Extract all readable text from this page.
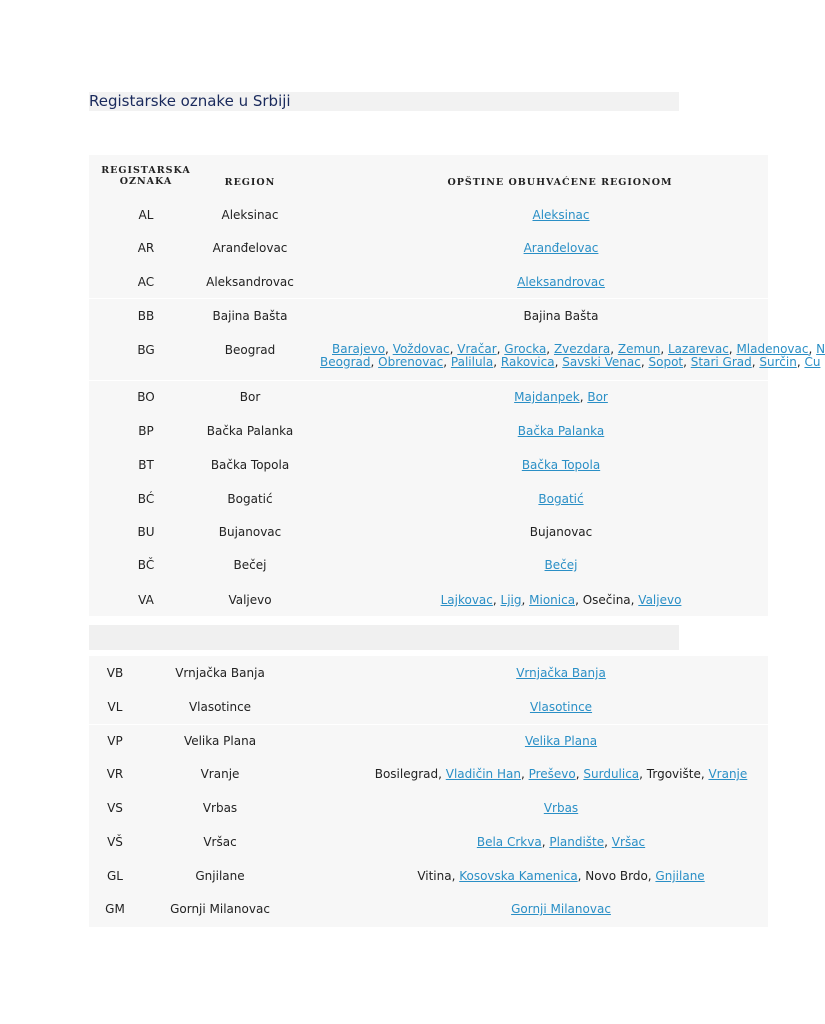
Registarske oznake u Srbiji
REGISTARSKA
OZNAKA	REGION	OPŠTINE OBUHVAĆENE REGIONOM
AL	Aleksinac	Aleksinac
AR	Aranđelovac	Aranđelovac
AC	Aleksandrovac	Aleksandrovac
BB	Bajina Bašta	Bajina Bašta
BG	Beograd	Barajevo, Voždovac, Vračar, Grocka, Zvezdara, Zemun, Lazarevac, Mladenovac, N
Beograd, Obrenovac, Palilula, Rakovica, Savski Venac, Sopot, Stari Grad, Surčin, Ču
BO	Bor	Majdanpek, Bor
BP	Bačka Palanka	Bačka Palanka
BT	Bačka Topola	Bačka Topola
BĆ	Bogatić	Bogatić
BU	Bujanovac	Bujanovac
BČ	Bečej	Bečej
VA	Valjevo	Lajkovac, Ljig, Mionica, Osečina, Valjevo
VB	Vrnjačka Banja	Vrnjačka Banja
VL	Vlasotince	Vlasotince
VP	Velika Plana	Velika Plana
VR	Vranje	Bosilegrad, Vladičin Han, Preševo, Surdulica, Trgovište, Vranje
VS	Vrbas	Vrbas
VŠ	Vršac	Bela Crkva, Plandište, Vršac
GL	Gnjilane	Vitina, Kosovska Kamenica, Novo Brdo, Gnjilane
GM	Gornji Milanovac	Gornji Milanovac
